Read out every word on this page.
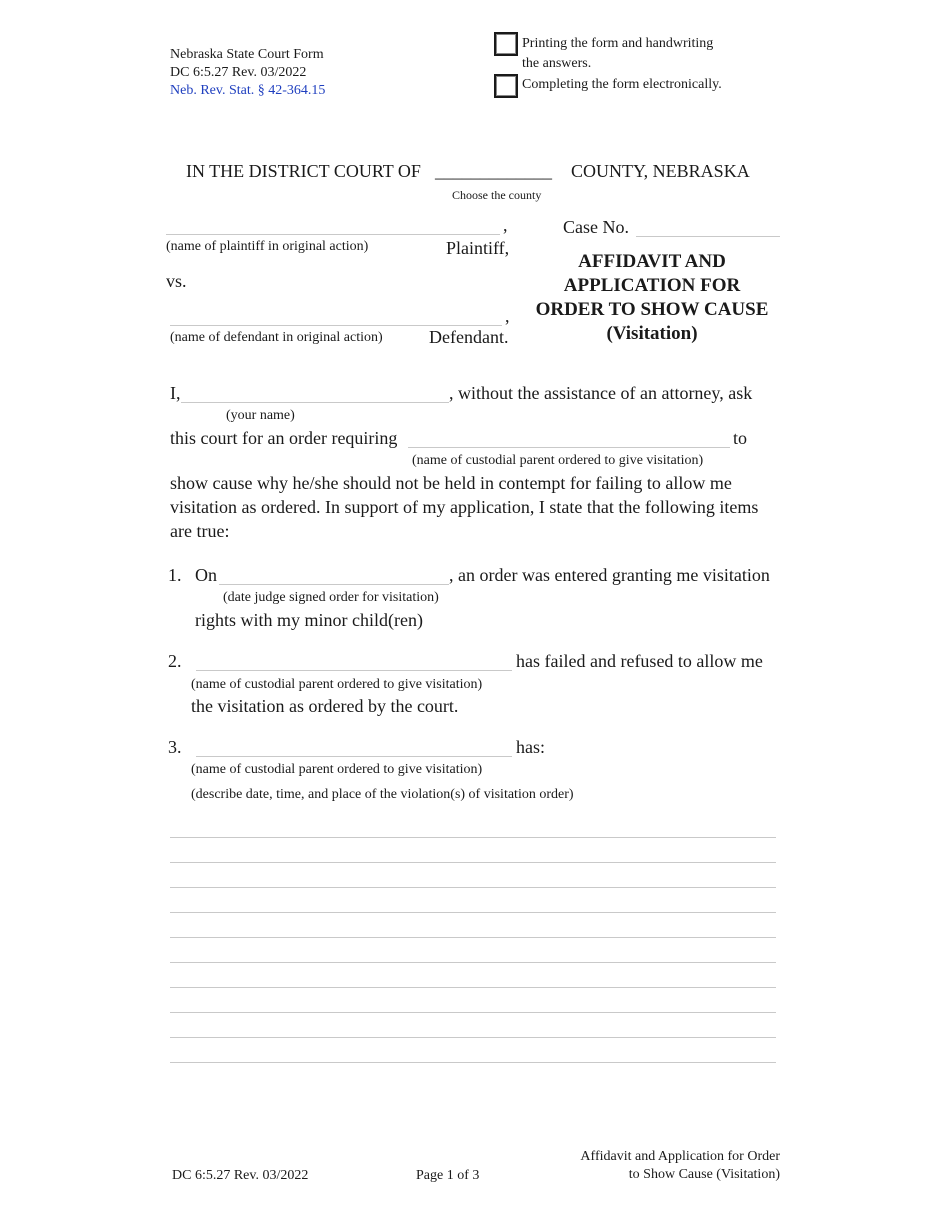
Nebraska State Court Form
DC 6:5.27 Rev. 03/2022
Neb. Rev. Stat. § 42-364.15
Printing the form and handwriting
the answers.
Completing the form electronically.
IN THE DISTRICT COURT OF _____________ COUNTY, NEBRASKA
Choose the county
,
(name of plaintiff in original action)	Plaintiff,
vs.
,
(name of defendant in original action)	Defendant.
Case No.
AFFIDAVIT AND
APPLICATION FOR
ORDER TO SHOW CAUSE
(Visitation)
I,	, without the assistance of an attorney, ask
(your name)
this court for an order requiring	to
(name of custodial parent ordered to give visitation)
show cause why he/she should not be held in contempt for failing to allow me
visitation as ordered. In support of my application, I state that the following items
are true:
1. On	, an order was entered granting me visitation
(date judge signed order for visitation)
rights with my minor child(ren)
2.	has failed and refused to allow me
(name of custodial parent ordered to give visitation)
the visitation as ordered by the court.
3.	has:
(name of custodial parent ordered to give visitation)
(describe date, time, and place of the violation(s) of visitation order)
DC 6:5.27 Rev. 03/2022	Page 1 of 3
Affidavit and Application for Order
to Show Cause (Visitation)
